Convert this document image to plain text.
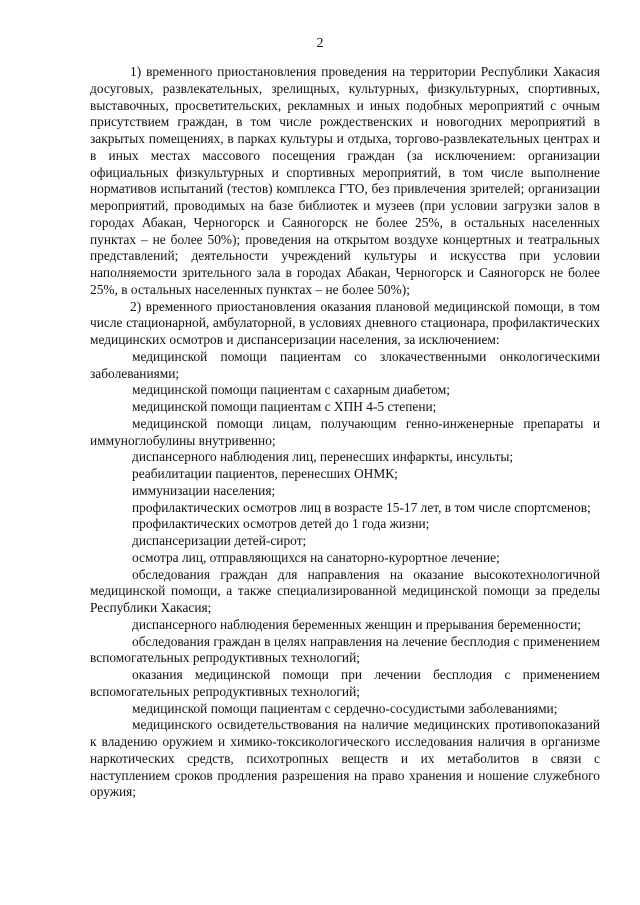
2

1) временного приостановления проведения на территории Республики Хакасия досуговых, развлекательных, зрелищных, культурных, физкультурных, спортивных, выставочных, просветительских, рекламных и иных подобных мероприятий с очным присутствием граждан, в том числе рождественских и новогодних мероприятий в закрытых помещениях, в парках культуры и отдыха, торгово-развлекательных центрах и в иных местах массового посещения граждан (за исключением: организации официальных физкультурных и спортивных мероприятий, в том числе выполнение нормативов испытаний (тестов) комплекса ГТО, без привлечения зрителей; организации мероприятий, проводимых на базе библиотек и музеев (при условии загрузки залов в городах Абакан, Черногорск и Саяногорск не более 25%, в остальных населенных пунктах – не более 50%); проведения на открытом воздухе концертных и театральных представлений; деятельности учреждений культуры и искусства при условии наполняемости зрительного зала в городах Абакан, Черногорск и Саяногорск не более 25%, в остальных населенных пунктах – не более 50%);

2) временного приостановления оказания плановой медицинской помощи, в том числе стационарной, амбулаторной, в условиях дневного стационара, профилактических медицинских осмотров и диспансеризации населения, за исключением:

медицинской помощи пациентам со злокачественными онкологическими заболеваниями;

медицинской помощи пациентам с сахарным диабетом;

медицинской помощи пациентам с ХПН 4-5 степени;

медицинской помощи лицам, получающим генно-инженерные препараты и иммуноглобулины внутривенно;

диспансерного наблюдения лиц, перенесших инфаркты, инсульты;

реабилитации пациентов, перенесших ОНМК;

иммунизации населения;

профилактических осмотров лиц в возрасте 15-17 лет, в том числе спортсменов;

профилактических осмотров детей до 1 года жизни;

диспансеризации детей-сирот;

осмотра лиц, отправляющихся на санаторно-курортное лечение;

обследования граждан для направления на оказание высокотехнологичной медицинской помощи, а также специализированной медицинской помощи за пределы Республики Хакасия;

диспансерного наблюдения беременных женщин и прерывания беременности;

обследования граждан в целях направления на лечение бесплодия с применением вспомогательных репродуктивных технологий;

оказания медицинской помощи при лечении бесплодия с применением вспомогательных репродуктивных технологий;

медицинской помощи пациентам с сердечно-сосудистыми заболеваниями;

медицинского освидетельствования на наличие медицинских противопоказаний к владению оружием и химико-токсикологического исследования наличия в организме наркотических средств, психотропных веществ и их метаболитов в связи с наступлением сроков продления разрешения на право хранения и ношение служебного оружия;
